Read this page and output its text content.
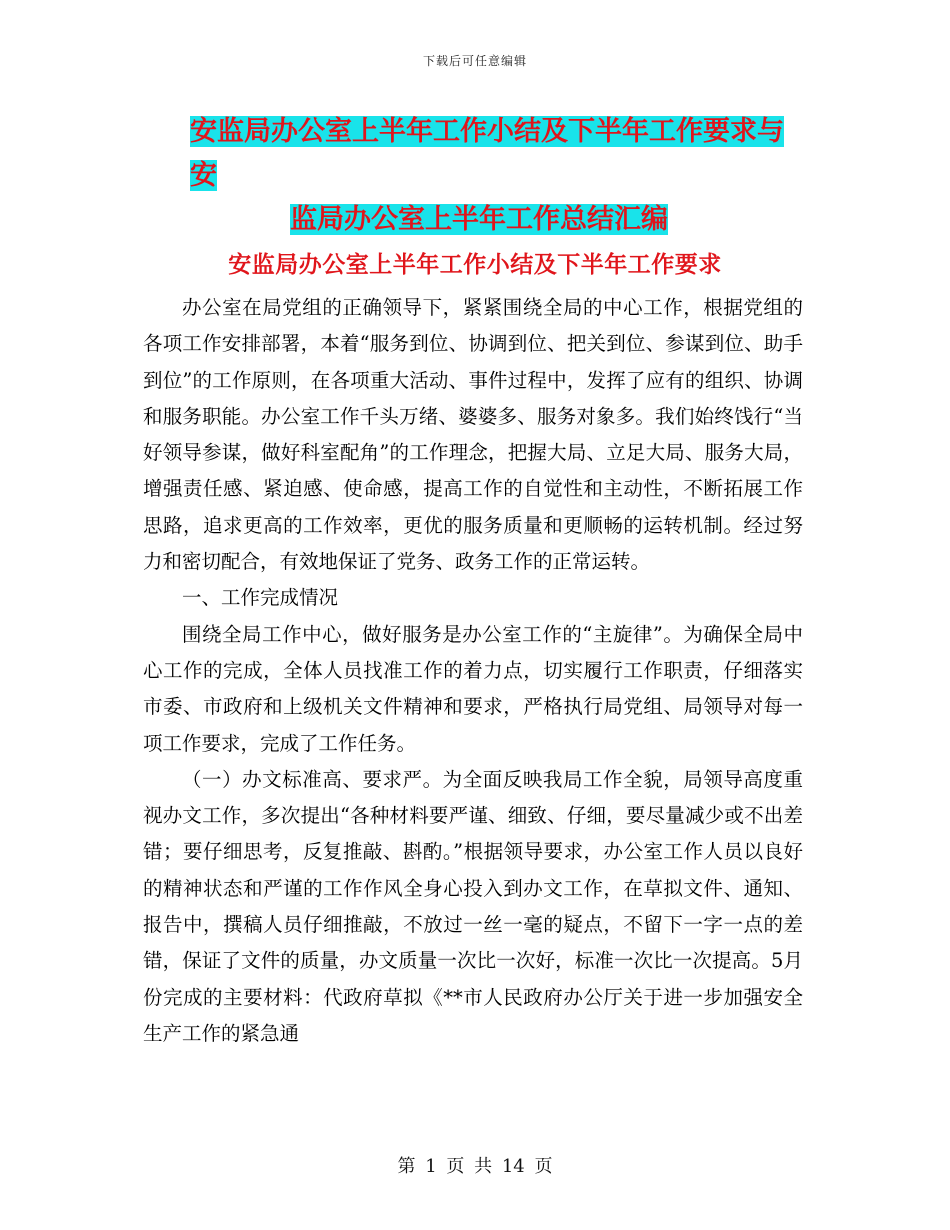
下载后可任意编辑
安监局办公室上半年工作小结及下半年工作要求与安
监局办公室上半年工作总结汇编
安监局办公室上半年工作小结及下半年工作要求

办公室在局党组的正确领导下，紧紧围绕全局的中心工作，根据党组的各项工作安排部署，本着“服务到位、协调到位、把关到位、参谋到位、助手到位”的工作原则，在各项重大活动、事件过程中，发挥了应有的组织、协调和服务职能。办公室工作千头万绪、婆婆多、服务对象多。我们始终饯行“当好领导参谋，做好科室配角”的工作理念，把握大局、立足大局、服务大局，增强责任感、紧迫感、使命感，提高工作的自觉性和主动性，不断拓展工作思路，追求更高的工作效率，更优的服务质量和更顺畅的运转机制。经过努力和密切配合，有效地保证了党务、政务工作的正常运转。

一、工作完成情况

围绕全局工作中心，做好服务是办公室工作的“主旋律”。为确保全局中心工作的完成，全体人员找准工作的着力点，切实履行工作职责，仔细落实市委、市政府和上级机关文件精神和要求，严格执行局党组、局领导对每一项工作要求，完成了工作任务。

（一）办文标准高、要求严。为全面反映我局工作全貌，局领导高度重视办文工作，多次提出“各种材料要严谨、细致、仔细，要尽量减少或不出差错；要仔细思考，反复推敲、斟酌。”根据领导要求，办公室工作人员以良好的精神状态和严谨的工作作风全身心投入到办文工作，在草拟文件、通知、报告中，撰稿人员仔细推敲，不放过一丝一毫的疑点，不留下一字一点的差错，保证了文件的质量，办文质量一次比一次好，标准一次比一次提高。5月份完成的主要材料：代政府草拟《**市人民政府办公厅关于进一步加强安全生产工作的紧急通

第 1 页 共 14 页
